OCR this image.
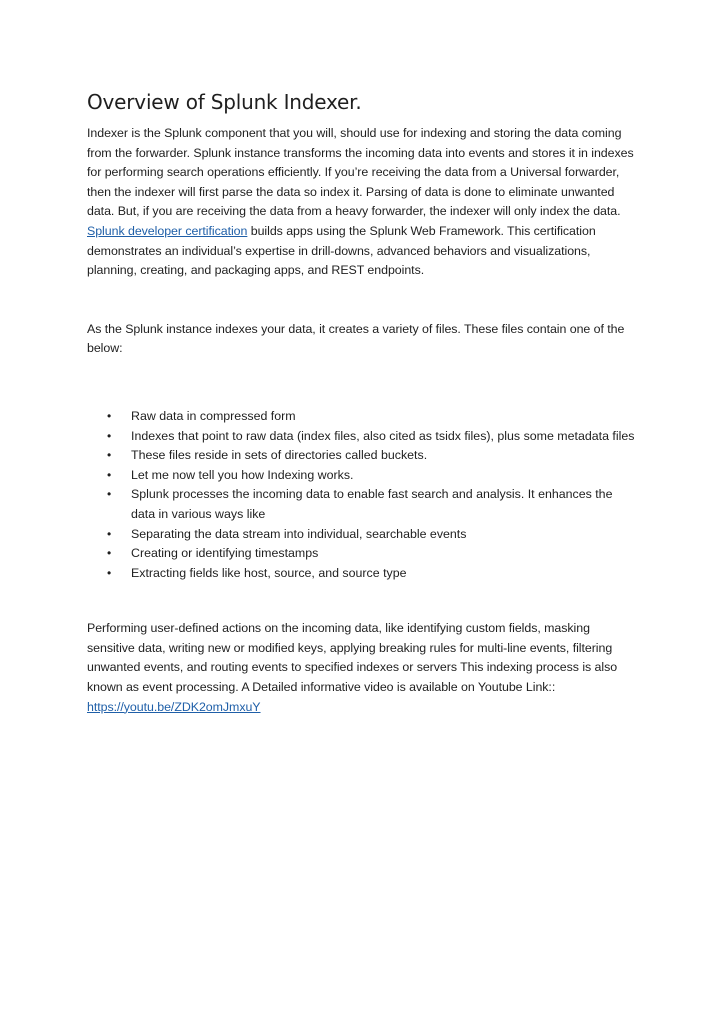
Overview of Splunk Indexer.

Indexer is the Splunk component that you will, should use for indexing and storing the data coming from the forwarder. Splunk instance transforms the incoming data into events and stores it in indexes for performing search operations efficiently. If you’re receiving the data from a Universal forwarder, then the indexer will first parse the data so index it. Parsing of data is done to eliminate unwanted data. But, if you are receiving the data from a heavy forwarder, the indexer will only index the data. Splunk developer certification builds apps using the Splunk Web Framework. This certification demonstrates an individual’s expertise in drill-downs, advanced behaviors and visualizations, planning, creating, and packaging apps, and REST endpoints.

As the Splunk instance indexes your data, it creates a variety of files. These files contain one of the below:

• Raw data in compressed form
• Indexes that point to raw data (index files, also cited as tsidx files), plus some metadata files
• These files reside in sets of directories called buckets.
• Let me now tell you how Indexing works.
• Splunk processes the incoming data to enable fast search and analysis. It enhances the data in various ways like
• Separating the data stream into individual, searchable events
• Creating or identifying timestamps
• Extracting fields like host, source, and source type

Performing user-defined actions on the incoming data, like identifying custom fields, masking sensitive data, writing new or modified keys, applying breaking rules for multi-line events, filtering unwanted events, and routing events to specified indexes or servers This indexing process is also known as event processing. A Detailed informative video is available on Youtube Link:: https://youtu.be/ZDK2omJmxuY
